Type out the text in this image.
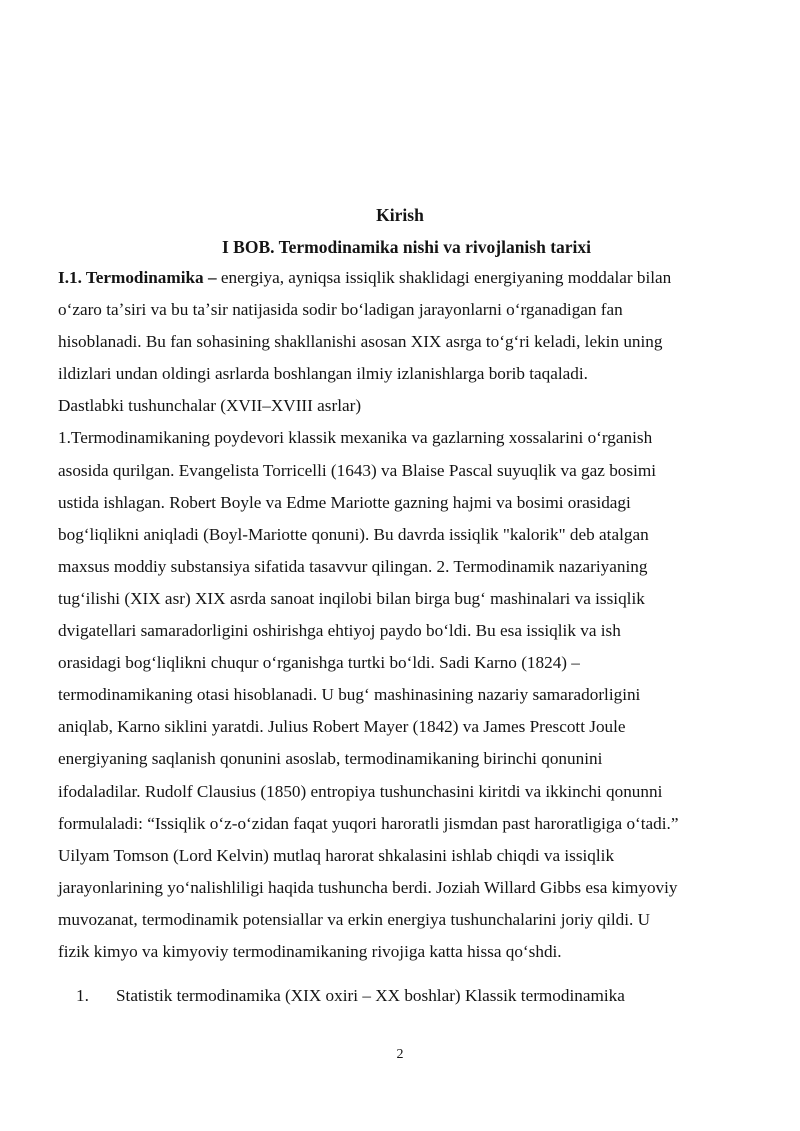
Kirish
I BOB. Termodinamika nishi va rivojlanish tarixi
I.1. Termodinamika – energiya, ayniqsa issiqlik shaklidagi energiyaning moddalar bilan
oʻzaro taʼsiri va bu taʼsir natijasida sodir boʻladigan jarayonlarni oʻrganadigan fan
hisoblanadi. Bu fan sohasining shakllanishi asosan XIX asrga toʻgʻri keladi, lekin uning
ildizlari undan oldingi asrlarda boshlangan ilmiy izlanishlarga borib taqaladi.
Dastlabki tushunchalar (XVII–XVIII asrlar)
1.Termodinamikaning poydevori klassik mexanika va gazlarning xossalarini oʻrganish
asosida qurilgan. Evangelista Torricelli (1643) va Blaise Pascal suyuqlik va gaz bosimi
ustida ishlagan. Robert Boyle va Edme Mariotte gazning hajmi va bosimi orasidagi
bogʻliqlikni aniqladi (Boyl-Mariotte qonuni). Bu davrda issiqlik "kalorik" deb atalgan
maxsus moddiy substansiya sifatida tasavvur qilingan. 2. Termodinamik nazariyaning
tugʻilishi (XIX asr) XIX asrda sanoat inqilobi bilan birga bugʻ mashinalari va issiqlik
dvigatellari samaradorligini oshirishga ehtiyoj paydo boʻldi. Bu esa issiqlik va ish
orasidagi bogʻliqlikni chuqur oʻrganishga turtki boʻldi. Sadi Karno (1824) –
termodinamikaning otasi hisoblanadi. U bugʻ mashinasining nazariy samaradorligini
aniqlab, Karno siklini yaratdi. Julius Robert Mayer (1842) va James Prescott Joule
energiyaning saqlanish qonunini asoslab, termodinamikaning birinchi qonunini
ifodaladilar. Rudolf Clausius (1850) entropiya tushunchasini kiritdi va ikkinchi qonunni
formulaladi: “Issiqlik oʻz-oʻzidan faqat yuqori haroratli jismdan past haroratligiga oʻtadi.”
Uilyam Tomson (Lord Kelvin) mutlaq harorat shkalasini ishlab chiqdi va issiqlik
jarayonlarining yoʻnalishliligi haqida tushuncha berdi. Joziah Willard Gibbs esa kimyoviy
muvozanat, termodinamik potensiallar va erkin energiya tushunchalarini joriy qildi. U
fizik kimyo va kimyoviy termodinamikaning rivojiga katta hissa qoʻshdi.
1. Statistik termodinamika (XIX oxiri – XX boshlar) Klassik termodinamika
2
